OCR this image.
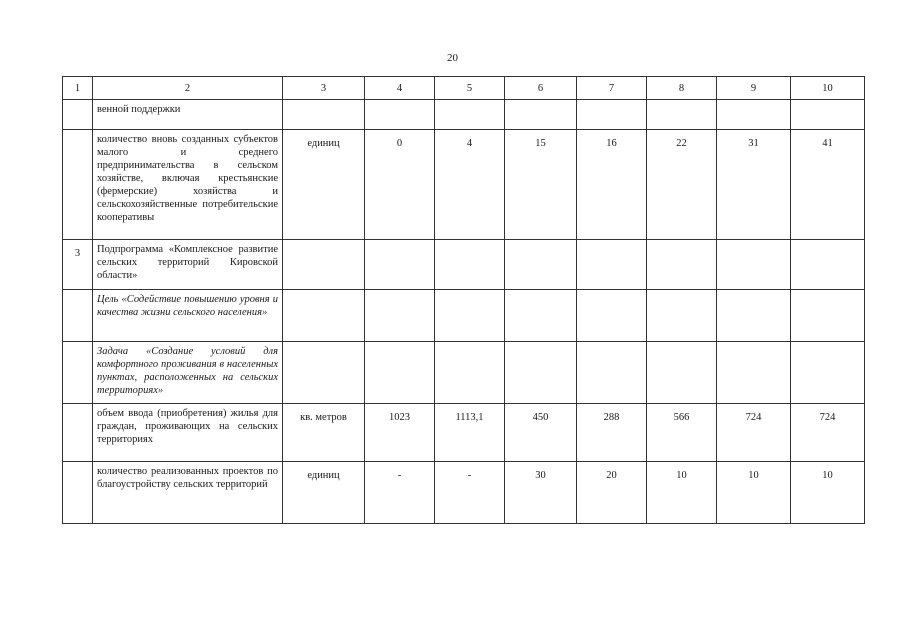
20
1	2	3	4	5	6	7	8	9	10
	венной поддержки								
	количество вновь созданных субъектов малого и среднего предпринимательства в сельском хозяйстве, включая крестьянские (фермерские) хозяйства и сельскохозяйственные потребительские кооперативы	единиц	0	4	15	16	22	31	41
3	Подпрограмма «Комплексное развитие сельских территорий Кировской области»								
	Цель «Содействие повышению уровня и качества жизни сельского населения»								
	Задача «Создание условий для комфортного проживания в населенных пунктах, расположенных на сельских территориях»								
	объем ввода (приобретения) жилья для граждан, проживающих на сельских территориях	кв. метров	1023	1113,1	450	288	566	724	724
	количество реализованных проектов по благоустройству сельских территорий	единиц	-	-	30	20	10	10	10
